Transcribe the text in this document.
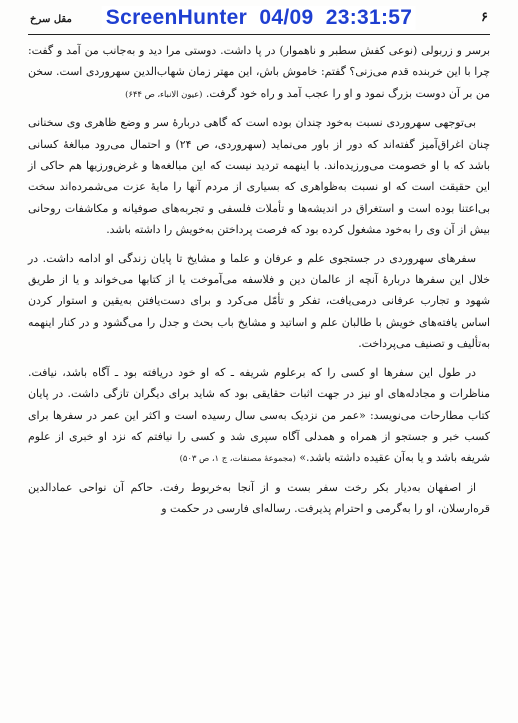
ScreenHunter 04/09 23:31:57
مقل سرخ	۶

برسر و زربولی (نوعی کفش سطبر و ناهموار) در پا داشت. دوستی مرا دید و به‌جانب من آمد و گفت: چرا با این خربنده قدم می‌زنی؟ گفتم: خاموش باش، این مهتر زمان شهاب‌الدین سهروردی است. سخن من بر آن دوست بزرگ نمود و او را عجب آمد و راه خود گرفت. (عیون الانباء، ص ۶۴۴)

بی‌توجهی سهروردی نسبت به‌خود چندان بوده است که گاهی دربارهٔ سر و وضع ظاهری وی سخنانی چنان اغراق‌آمیز گفته‌اند که دور از باور می‌نماید (سهروردی، ص ۲۴) و احتمال می‌رود مبالغهٔ کسانی باشد که با او خصومت می‌ورزیده‌اند. با اینهمه تردید نیست که این مبالغه‌ها و غرض‌ورزیها هم حاکی از این حقیقت است که او نسبت به‌ظواهری که بسیاری از مردم آنها را مایهٔ عزت می‌شمرده‌اند سخت بی‌اعتنا بوده است و استغراق در اندیشه‌ها و تأملات فلسفی و تجربه‌های صوفیانه و مکاشفات روحانی بیش از آن وی را به‌خود مشغول کرده بود که فرصت پرداختن به‌خویش را داشته باشد.

سفرهای سهروردی در جستجوی علم و عرفان و علما و مشایخ تا پایان زندگی او ادامه داشت. در خلال این سفرها دربارهٔ آنچه از عالمان دین و فلاسفه می‌آموخت یا از کتابها می‌خواند و یا از طریق شهود و تجارب عرفانی درمی‌یافت، تفکر و تأمّل می‌کرد و برای دست‌یافتن به‌یقین و استوار کردن اساس یافته‌های خویش با طالبان علم و اساتید و مشایخ باب بحث و جدل را می‌گشود و در کنار اینهمه به‌تألیف و تصنیف می‌پرداخت.

در طول این سفرها او کسی را که برعلوم شریفه ـ که او خود دریافته بود ـ آگاه باشد، نیافت. مناظرات و مجادله‌های او نیز در جهت اثبات حقایقی بود که شاید برای دیگران تازگی داشت. در پایان کتاب مطارحات می‌نویسد: «عمر من نزدیک به‌سی سال رسیده است و اکثر این عمر در سفرها برای کسب خبر و جستجو از همراه و همدلی آگاه سپری شد و کسی را نیافتم که نزد او خبری از علوم شریفه باشد و یا به‌آن عقیده داشته باشد.» (مجموعهٔ مصنفات، ج ۱، ص ۵۰۳)

از اصفهان به‌دیار بکر رخت سفر بست و از آنجا به‌خربوط رفت. حاکم آن نواحی عمادالدین قره‌ارسلان، او را به‌گرمی و احترام پذیرفت. رساله‌ای فارسی در حکمت و
